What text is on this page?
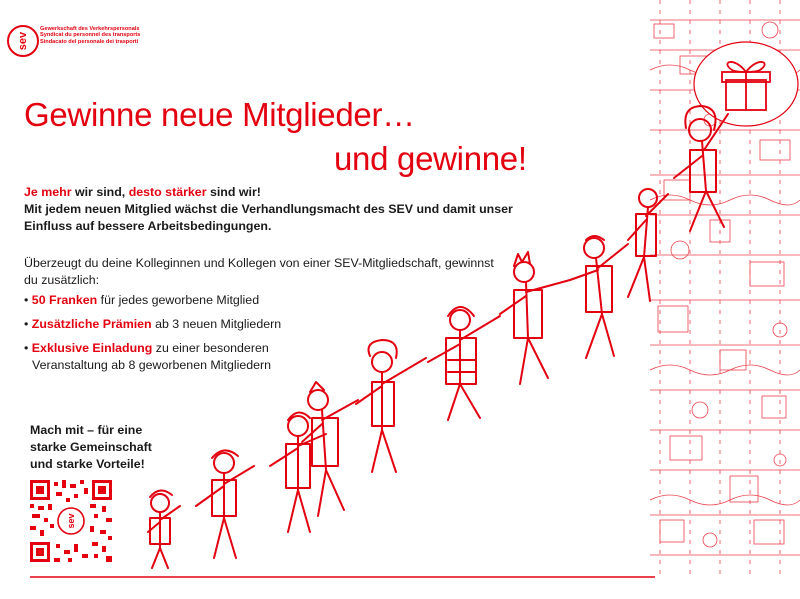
sev
Gewerkschaft des Verkehrspersonals
Syndicat du personnel des transports
Sindacato del personale dei trasporti
Gewinne neue Mitglieder…
und gewinne!

Je mehr wir sind, desto stärker sind wir!

Mit jedem neuen Mitglied wächst die Verhandlungsmacht des SEV und damit unser Einfluss auf bessere Arbeitsbedingungen.

Überzeugt du deine Kolleginnen und Kollegen von einer SEV-Mitgliedschaft, gewinnst du zusätzlich:

• 50 Franken für jedes geworbene Mitglied
• Zusätzliche Prämien ab 3 neuen Mitgliedern
• Exklusive Einladung zu einer besonderen
Veranstaltung ab 8 geworbenen Mitgliedern
Mach mit – für eine
starke Gemeinschaft
und starke Vorteile!
sev
